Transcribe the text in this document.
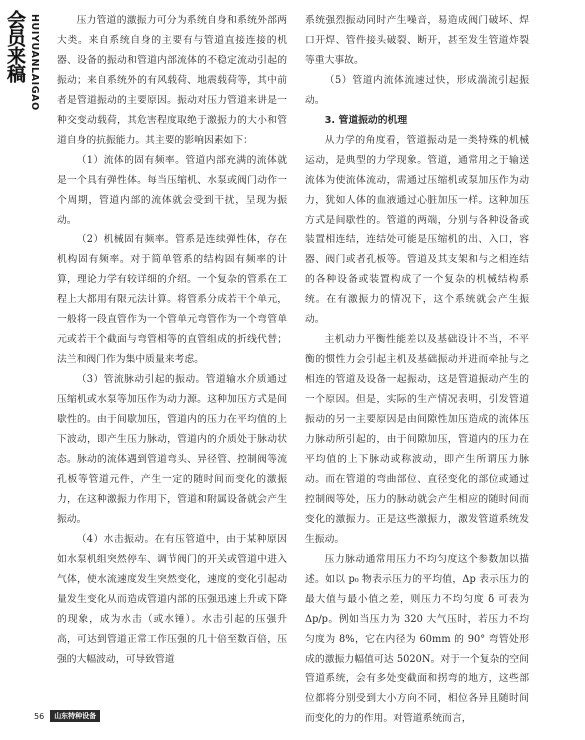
会员来稿 HUIYUANLAIGAO	压力管道的激振力可分为系统自身和系统外部两大类。来自系统自身的主要有与管道直接连接的机器、设备的振动和管道内部流体的不稳定流动引起的振动；来自系统外的有风载荷、地震载荷等，其中前者是管道振动的主要原因。振动对压力管道来讲是一种交变动载荷，其危害程度取绝于激振力的大小和管道自身的抗振能力。其主要的影响因素如下：

（1）流体的固有频率。管道内部充满的流体就是一个具有弹性体。每当压缩机、水泵或阀门动作一个周期，管道内部的流体就会受到干扰，呈现为振动。

（2）机械固有频率。管系是连续弹性体，存在机构固有频率。对于简单管系的结构固有频率的计算，理论力学有较详细的介绍。一个复杂的管系在工程上大都用有限元法计算。将管系分成若干个单元，一般将一段直管作为一个管单元弯管作为一个弯管单元或若干个截面与弯管相等的直管组成的折线代替；法兰和阀门作为集中质量来考虑。

（3）管流脉动引起的振动。管道输水介质通过压缩机或水泵等加压作为动力源。这种加压方式是间歇性的。由于间歇加压，管道内的压力在平均值的上下波动，即产生压力脉动，管道内的介质处于脉动状态。脉动的流体遇到管道弯头、异径管、控制阀等流孔板等管道元件，产生一定的随时间而变化的激振力，在这种激振力作用下，管道和附属设备就会产生振动。

（4）水击振动。在有压管道中，由于某种原因如水泵机组突然停车、调节阀门的开关或管道中进入气体，使水流速度发生突然变化，速度的变化引起动量发生变化从而造成管道内部的压强迅速上升或下降的现象，成为水击（或水锤）。水击引起的压强升高，可达到管道正常工作压强的几十倍至数百倍，压强的大幅波动，可导致管道

系统强烈振动同时产生噪音，易造成阀门破坏、焊口开焊、管件接头破裂、断开，甚至发生管道炸裂等重大事故。

（5）管道内流体流速过快，形成湍流引起振动。

3. 管道振动的机理

从力学的角度看，管道振动是一类特殊的机械运动，是典型的力学现象。管道，通常用之于输送流体为使流体流动，需通过压缩机或泵加压作为动力，犹如人体的血液通过心脏加压一样。这种加压方式是间歇性的。管道的两端，分别与各种设备或装置相连结，连结处可能是压缩机的出、入口，容器、阀门或者孔板等。管道及其支架和与之相连结的各种设备或装置构成了一个复杂的机械结构系统。在有激振力的情况下，这个系统就会产生振动。

主机动力平衡性能差以及基础设计不当，不平衡的惯性力会引起主机及基础振动并进而牵扯与之相连的管道及设备一起振动，这是管道振动产生的一个原因。但是，实际的生产情况表明，引发管道振动的另一主要原因是由间隙性加压造成的流体压力脉动所引起的，由于间隙加压，管道内的压力在平均值的上下脉动或称波动，即产生所谓压力脉动。而在管道的弯曲部位、直径变化的部位或通过控制阀等处，压力的脉动就会产生相应的随时间而变化的激振力。正是这些激振力，激发管道系统发生振动。

压力脉动通常用压力不均匀度这个参数加以描述。如以 p₀ 物表示压力的平均值，Δp 表示压力的最大值与最小值之差，则压力不均匀度 δ 可表为 Δp/p。例如当压力为 320 大气压时，若压力不均匀度为 8%，它在内径为 60mm 的 90° 弯管处形成的激振力幅值可达 5020N。对于一个复杂的空间管道系统，会有多处变截面和拐弯的地方，这些部位都将分别受到大小方向不同，相位各异且随时间而变化的力的作用。对管道系统而言，

56	山东特种设备
